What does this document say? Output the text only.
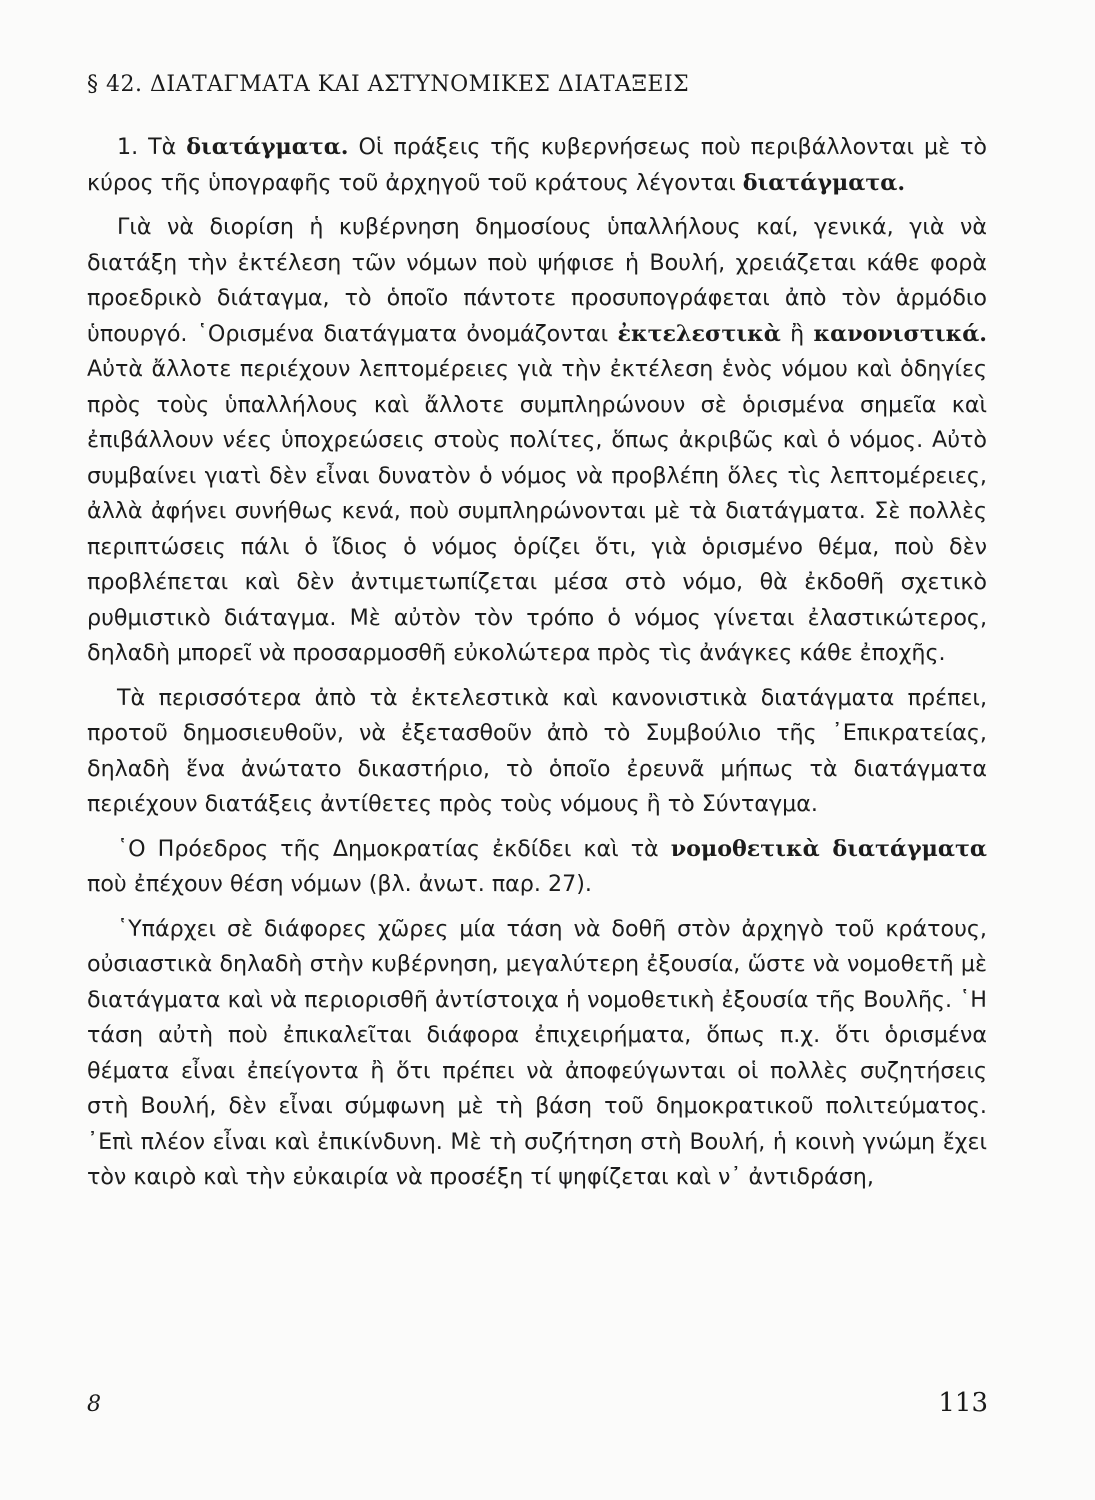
§ 42. ΔΙΑΤΑΓΜΑΤΑ ΚΑΙ ΑΣΤΥΝΟΜΙΚΕΣ ΔΙΑΤΑΞΕΙΣ

1. Τὰ διατάγματα. Οἱ πράξεις τῆς κυβερνήσεως ποὺ περιβάλλονται μὲ τὸ κύρος τῆς ὑπογραφῆς τοῦ ἀρχηγοῦ τοῦ κράτους λέγονται διατάγματα.

Γιὰ νὰ διορίση ἡ κυβέρνηση δημοσίους ὑπαλλήλους καί, γενικά, γιὰ νὰ διατάξη τὴν ἐκτέλεση τῶν νόμων ποὺ ψήφισε ἡ Βουλή, χρειάζεται κάθε φορὰ προεδρικὸ διάταγμα, τὸ ὁποῖο πάντοτε προσυπογράφεται ἀπὸ τὸν ἁρμόδιο ὑπουργό. ῾Ορισμένα διατάγματα ὀνομάζονται ἐκτελεστικὰ ἢ κανονιστικά. Αὐτὰ ἄλλοτε περιέχουν λεπτομέρειες γιὰ τὴν ἐκτέλεση ἑνὸς νόμου καὶ ὁδηγίες πρὸς τοὺς ὑπαλλήλους καὶ ἄλλοτε συμπληρώνουν σὲ ὁρισμένα σημεῖα καὶ ἐπιβάλλουν νέες ὑποχρεώσεις στοὺς πολίτες, ὅπως ἀκριβῶς καὶ ὁ νόμος. Αὐτὸ συμβαίνει γιατὶ δὲν εἶναι δυνατὸν ὁ νόμος νὰ προβλέπη ὅλες τὶς λεπτομέρειες, ἀλλὰ ἀφήνει συνήθως κενά, ποὺ συμπληρώνονται μὲ τὰ διατάγματα. Σὲ πολλὲς περιπτώσεις πάλι ὁ ἴδιος ὁ νόμος ὁρίζει ὅτι, γιὰ ὁρισμένο θέμα, ποὺ δὲν προβλέπεται καὶ δὲν ἀντιμετωπίζεται μέσα στὸ νόμο, θὰ ἐκδοθῆ σχετικὸ ρυθμιστικὸ διάταγμα. Μὲ αὐτὸν τὸν τρόπο ὁ νόμος γίνεται ἐλαστικώτερος, δηλαδὴ μπορεῖ νὰ προσαρμοσθῆ εὐκολώτερα πρὸς τὶς ἀνάγκες κάθε ἐποχῆς.

Τὰ περισσότερα ἀπὸ τὰ ἐκτελεστικὰ καὶ κανονιστικὰ διατάγματα πρέπει, προτοῦ δημοσιευθοῦν, νὰ ἐξετασθοῦν ἀπὸ τὸ Συμβούλιο τῆς ᾿Επικρατείας, δηλαδὴ ἕνα ἀνώτατο δικαστήριο, τὸ ὁποῖο ἐρευνᾶ μήπως τὰ διατάγματα περιέχουν διατάξεις ἀντίθετες πρὸς τοὺς νόμους ἢ τὸ Σύνταγμα.

῾Ο Πρόεδρος τῆς Δημοκρατίας ἐκδίδει καὶ τὰ νομοθετικὰ διατάγματα ποὺ ἐπέχουν θέση νόμων (βλ. ἀνωτ. παρ. 27).

῾Υπάρχει σὲ διάφορες χῶρες μία τάση νὰ δοθῆ στὸν ἀρχηγὸ τοῦ κράτους, οὐσιαστικὰ δηλαδὴ στὴν κυβέρνηση, μεγαλύτερη ἐξουσία, ὥστε νὰ νομοθετῆ μὲ διατάγματα καὶ νὰ περιορισθῆ ἀντίστοιχα ἡ νομοθετικὴ ἐξουσία τῆς Βουλῆς. ῾Η τάση αὐτὴ ποὺ ἐπικαλεῖται διάφορα ἐπιχειρήματα, ὅπως π.χ. ὅτι ὁρισμένα θέματα εἶναι ἐπείγοντα ἢ ὅτι πρέπει νὰ ἀποφεύγωνται οἱ πολλὲς συζητήσεις στὴ Βουλή, δὲν εἶναι σύμφωνη μὲ τὴ βάση τοῦ δημοκρατικοῦ πολιτεύματος. ᾿Επὶ πλέον εἶναι καὶ ἐπικίνδυνη. Μὲ τὴ συζήτηση στὴ Βουλή, ἡ κοινὴ γνώμη ἔχει τὸν καιρὸ καὶ τὴν εὐκαιρία νὰ προσέξη τί ψηφίζεται καὶ ν᾿ ἀντιδράση,

8	113
